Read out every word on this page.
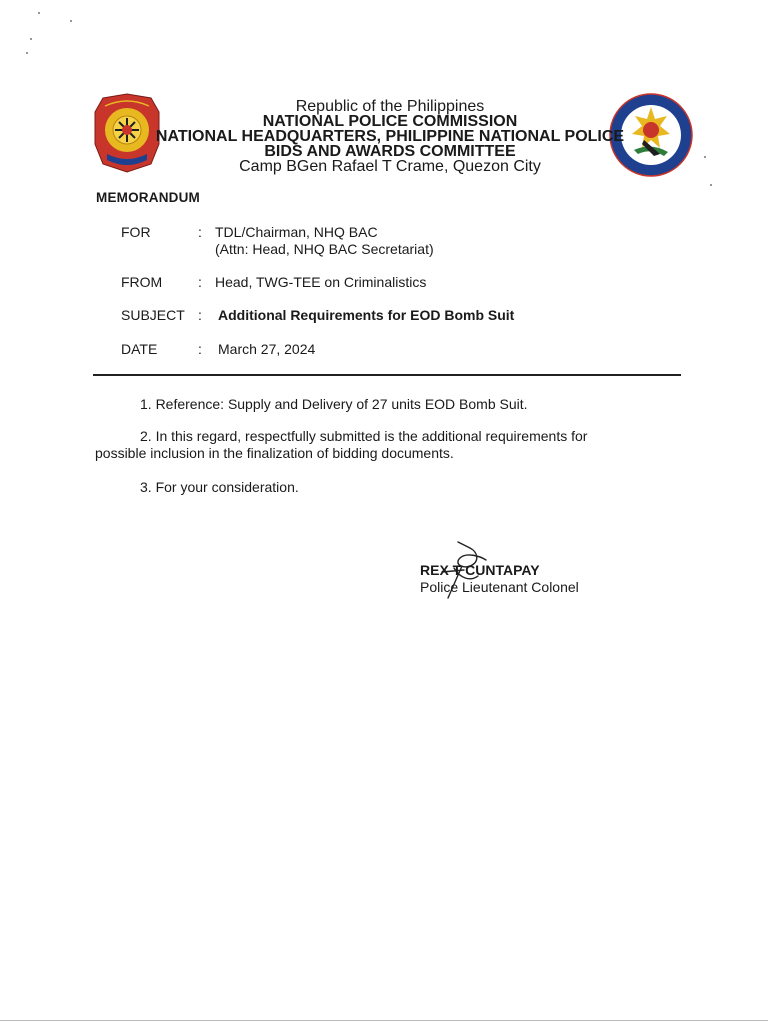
Republic of the Philippines
NATIONAL POLICE COMMISSION
NATIONAL HEADQUARTERS, PHILIPPINE NATIONAL POLICE
BIDS AND AWARDS COMMITTEE
Camp BGen Rafael T Crame, Quezon City
MEMORANDUM
FOR	: TDL/Chairman, NHQ BAC
(Attn: Head, NHQ BAC Secretariat)
FROM	: Head, TWG-TEE on Criminalistics
SUBJECT : Additional Requirements for EOD Bomb Suit
DATE	: March 27, 2024
1. Reference: Supply and Delivery of 27 units EOD Bomb Suit.
2. In this regard, respectfully submitted is the additional requirements for
possible inclusion in the finalization of bidding documents.
3. For your consideration.
REX T CUNTAPAY
Police Lieutenant Colonel
